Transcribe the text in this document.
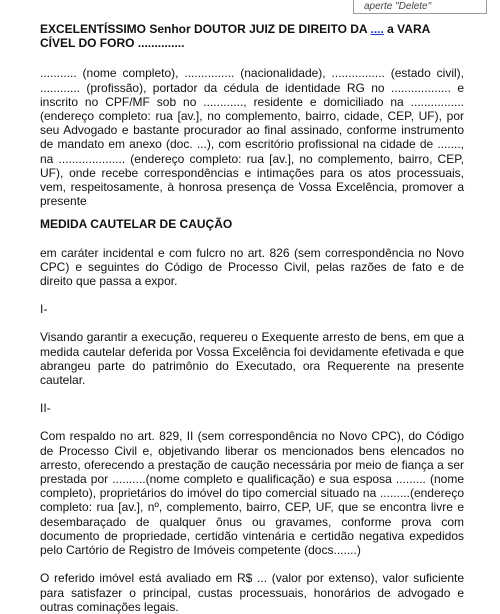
aperte "Delete"

EXCELENTÍSSIMO Senhor DOUTOR JUIZ DE DIREITO DA .... a VARA CÍVEL DO FORO ..............

........... (nome completo), ............... (nacionalidade), ................ (estado civil), ............ (profissão), portador da cédula de identidade RG no .................. e inscrito no CPF/MF sob no ............, residente e domiciliado na ................ (endereço completo: rua [av.], no complemento, bairro, cidade, CEP, UF), por seu Advogado e bastante procurador ao final assinado, conforme instrumento de mandato em anexo (doc. ...), com escritório profissional na cidade de ......., na .................... (endereço completo: rua [av.], no complemento, bairro, CEP, UF), onde recebe correspondências e intimações para os atos processuais, vem, respeitosamente, à honrosa presença de Vossa Excelência, promover a presente

MEDIDA CAUTELAR DE CAUÇÃO

em caráter incidental e com fulcro no art. 826 (sem correspondência no Novo CPC) e seguintes do Código de Processo Civil, pelas razões de fato e de direito que passa a expor.

I-

Visando garantir a execução, requereu o Exequente arresto de bens, em que a medida cautelar deferida por Vossa Excelência foi devidamente efetivada e que abrangeu parte do patrimônio do Executado, ora Requerente na presente cautelar.

II-

Com respaldo no art. 829, II (sem correspondência no Novo CPC), do Código de Processo Civil e, objetivando liberar os mencionados bens elencados no arresto, oferecendo a prestação de caução necessária por meio de fiança a ser prestada por ..........(nome completo e qualificação) e sua esposa ......... (nome completo), proprietários do imóvel do tipo comercial situado na .........(endereço completo: rua [av.], nº, complemento, bairro, CEP, UF, que se encontra livre e desembaraçado de qualquer ônus ou gravames, conforme prova com documento de propriedade, certidão vintenária e certidão negativa expedidos pelo Cartório de Registro de Imóveis competente (docs.......)

O referido imóvel está avaliado em R$ ... (valor por extenso), valor suficiente para satisfazer o principal, custas processuais, honorários de advogado e outras cominações legais.
